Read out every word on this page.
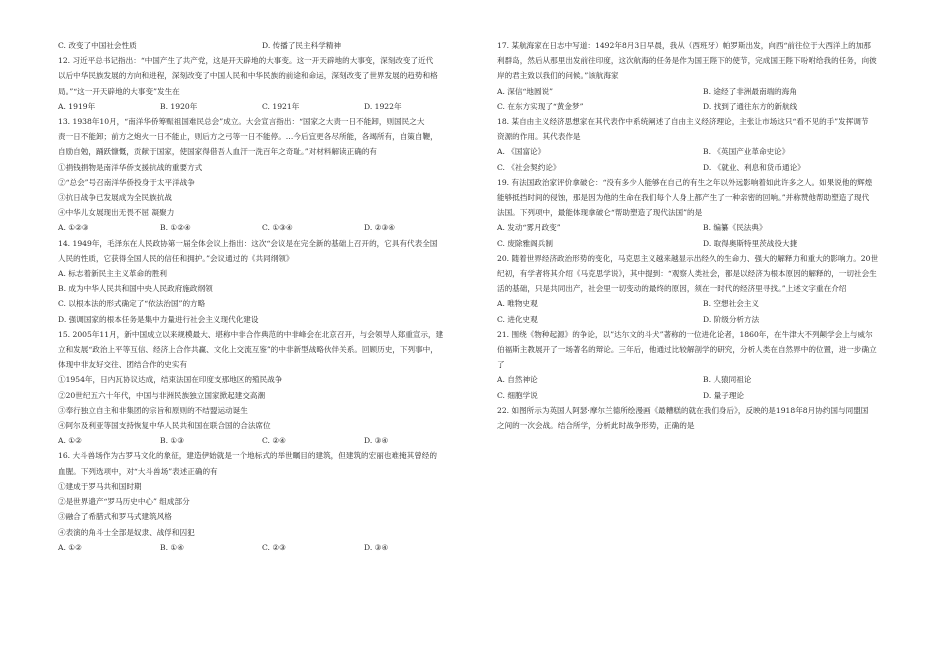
C. 改变了中国社会性质	D. 传播了民主科学精神

12. 习近平总书记指出：“中国产生了共产党，这是开天辟地的大事变。这一开天辟地的大事变，深刻改变了近代

以后中华民族发展的方向和进程，深刻改变了中国人民和中华民族的前途和命运，深刻改变了世界发展的趋势和格

局。”“这一开天辟地的大事变”发生在

A. 1919年	B. 1920年	C. 1921年	D. 1922年

13. 1938年10月，“南洋华侨筹赈祖国难民总会”成立。大会宣言指出：“国家之大责一日不能卸，则国民之大

责一日不能卸；前方之炮火一日不能止，则后方之弓等一日不能停。…今后宜更各尽所能，各竭所有，自策自鞭，

自励自勉，踊跃慷慨，贡献于国家，使国家得借吾人血汗一洗百年之奇耻。”对材料解读正确的有

①捐钱捐物是南洋华侨支援抗战的重要方式

②“总会”号召南洋华侨投身于太平洋战争

③抗日战争已发展成为全民族抗战

④中华儿女展现出无畏不屈 凝聚力

A. ①②③	B. ①②④	C. ①③④	D. ②③④

14. 1949年，毛泽东在人民政协第一届全体会议上指出：这次“会议是在完全新的基础上召开的，它具有代表全国

人民的性质，它获得全国人民的信任和拥护。”会议通过的《共同纲领》

A. 标志着新民主主义革命的胜利

B. 成为中华人民共和国中央人民政府施政纲领

C. 以根本法的形式确定了“依法治国”的方略

D. 强调国家的根本任务是集中力量进行社会主义现代化建设

15. 2005年11月，新中国成立以来规模最大、堪称中非合作典范的中非峰会在北京召开，与会领导人郑重宣示，建

立和发展“政治上平等互信、经济上合作共赢、文化上交流互鉴”的中非新型战略伙伴关系。回顾历史，下列事中，

体现中非友好交往、团结合作的史实有

①1954年，日内瓦协议达成，结束法国在印度支那地区的殖民战争

②20世纪五六十年代，中国与非洲民族独立国家掀起建交高潮

③奉行独立自主和非集团的宗旨和原则的不结盟运动诞生

④阿尔及利亚等国支持恢复中华人民共和国在联合国的合法席位

A. ①②	B. ①③	C. ②④	D. ③④

16. 大斗兽场作为古罗马文化的象征，建造伊始就是一个地标式的举世瞩目的建筑，但建筑的宏丽也难掩其曾经的

血腥。下列选项中，对“大斗兽场”表述正确的有

①建成于罗马共和国时期

②是世界遗产“罗马历史中心” 组成部分

③融合了希腊式和罗马式建筑风格

④表演的角斗士全部是奴隶、战俘和囚犯

A. ①②	B. ①④	C. ②③	D. ③④

17. 某航海家在日志中写道：1492年8月3日早晨，我从（西班牙）帕罗斯出发，向西“前往位于大西洋上的加那

利群岛，然后从那里出发前往印度，这次航海的任务是作为国王陛下的使节，完成国王陛下吩咐给我的任务，向彼

岸的君主致以我们的问候。”该航海家

A. 深信“地圆说”	B. 途经了非洲最南端的海角
C. 在东方实现了“黄金梦”	D. 找到了通往东方的新航线

18. 某自由主义经济思想家在其代表作中系统阐述了自由主义经济理论，主张让市场这只“看不见的手”发挥调节

资源的作用。其代表作是

A. 《国富论》	B. 《英国产业革命史论》
C. 《社会契约论》	D. 《就业、利息和货币通论》

19. 有法国政治家评价拿破仑：“没有多少人能够在自己的有生之年以外远影响着如此许多之人。如果说他的辉煌

能够抵挡时间的侵蚀，那是因为他的生命在我们每个人身上都产生了一种亲密的回响。”并称赞他帮助塑造了现代

法国。下列项中，最能体现拿破仑“帮助塑造了现代法国”的是

A. 发动“雾月政变”	B. 编纂《民法典》
C. 废除雅阁兵制	D. 取得奥斯特里茨战役大捷

20. 随着世界经济政治形势的变化，马克思主义越来越显示出经久的生命力、强大的解释力和重大的影响力。20世

纪初，有学者将其介绍《马克思学说》，其中提到：“观察人类社会，都是以经济为根本原因的解释的，一切社会生

活的基础，只是共同出产，社会里一切变动的最终的原因，须在一时代的经济里寻找。”上述文字重在介绍

A. 唯物史观	B. 空想社会主义
C. 进化史观	D. 阶级分析方法

21. 围绕《物种起源》的争论，以”达尔文的斗犬”著称的一位进化论者，1860年，在牛津大不列颠学会上与威尔

伯福斯主教展开了一场著名的辩论。三年后，他通过比较解剖学的研究，分析人类在自然界中的位置，进一步确立

了

A. 自然神论	B. 人猿同祖论
C. 细胞学说	D. 量子理论

22. 如图所示为英国人阿瑟·摩尔兰德所绘漫画《最糟糕的就在我们身后》，反映的是1918年8月协约国与同盟国

之间的一次会战。结合所学，分析此时战争形势，正确的是
